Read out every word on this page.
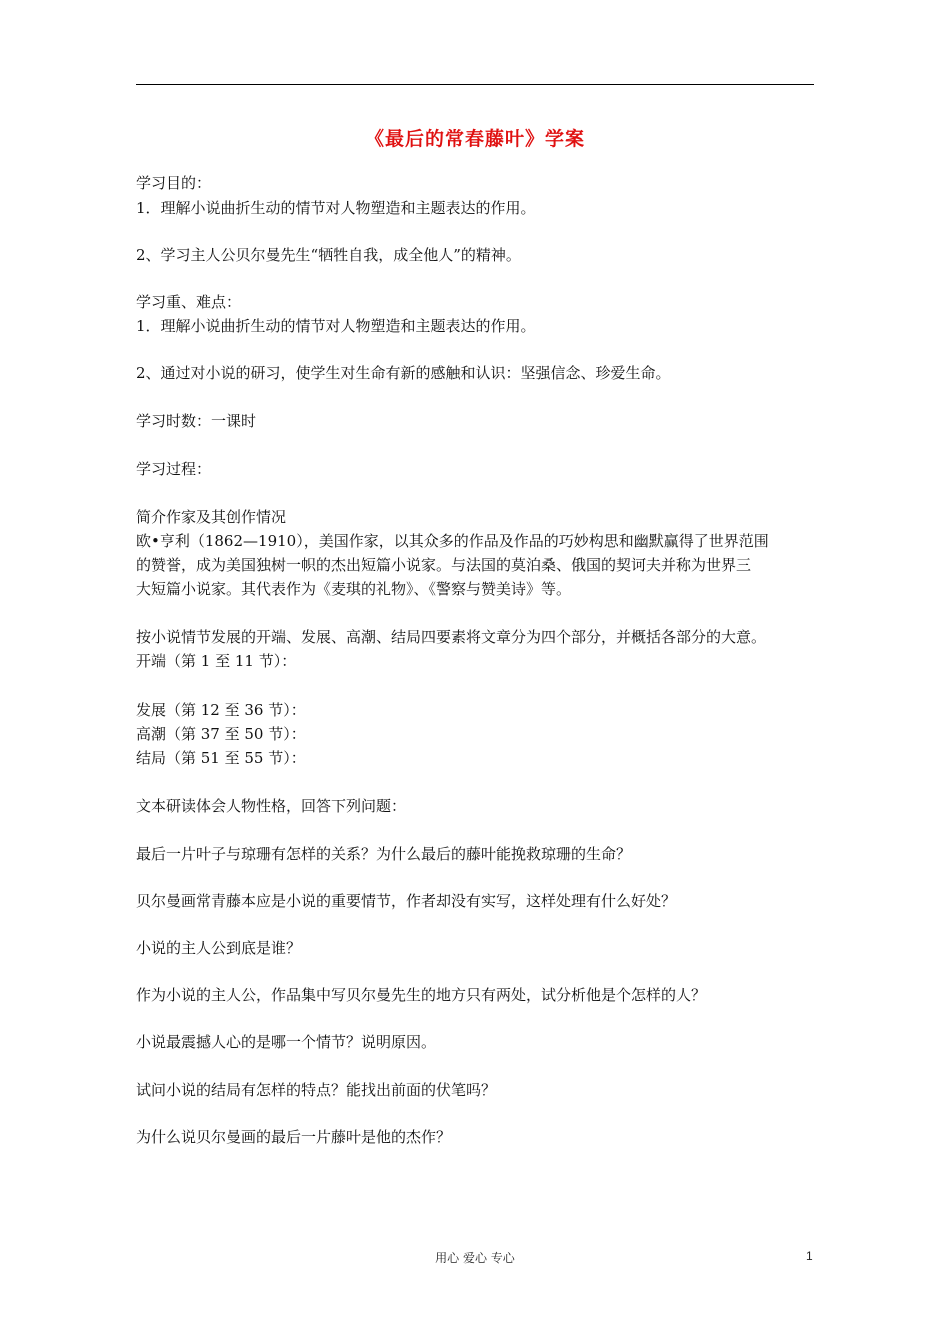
《最后的常春藤叶》学案
学习目的：
1．理解小说曲折生动的情节对人物塑造和主题表达的作用。
2、学习主人公贝尔曼先生“牺牲自我，成全他人”的精神。
学习重、难点：
1．理解小说曲折生动的情节对人物塑造和主题表达的作用。
2、通过对小说的研习，使学生对生命有新的感触和认识：坚强信念、珍爱生命。
学习时数：一课时
学习过程：
简介作家及其创作情况
欧•亨利（1862—1910），美国作家，以其众多的作品及作品的巧妙构思和幽默赢得了世界范围
的赞誉，成为美国独树一帜的杰出短篇小说家。与法国的莫泊桑、俄国的契诃夫并称为世界三
大短篇小说家。其代表作为《麦琪的礼物》、《警察与赞美诗》等。
按小说情节发展的开端、发展、高潮、结局四要素将文章分为四个部分，并概括各部分的大意。
开端（第 1 至 11 节）：
发展（第 12 至 36 节）：
高潮（第 37 至 50 节）：
结局（第 51 至 55 节）：
文本研读体会人物性格，回答下列问题：
最后一片叶子与琼珊有怎样的关系？为什么最后的藤叶能挽救琼珊的生命？
贝尔曼画常青藤本应是小说的重要情节，作者却没有实写，这样处理有什么好处？
小说的主人公到底是谁？
作为小说的主人公，作品集中写贝尔曼先生的地方只有两处，试分析他是个怎样的人？
小说最震撼人心的是哪一个情节？说明原因。
试问小说的结局有怎样的特点？能找出前面的伏笔吗？
为什么说贝尔曼画的最后一片藤叶是他的杰作？
用心 爱心 专心	1
